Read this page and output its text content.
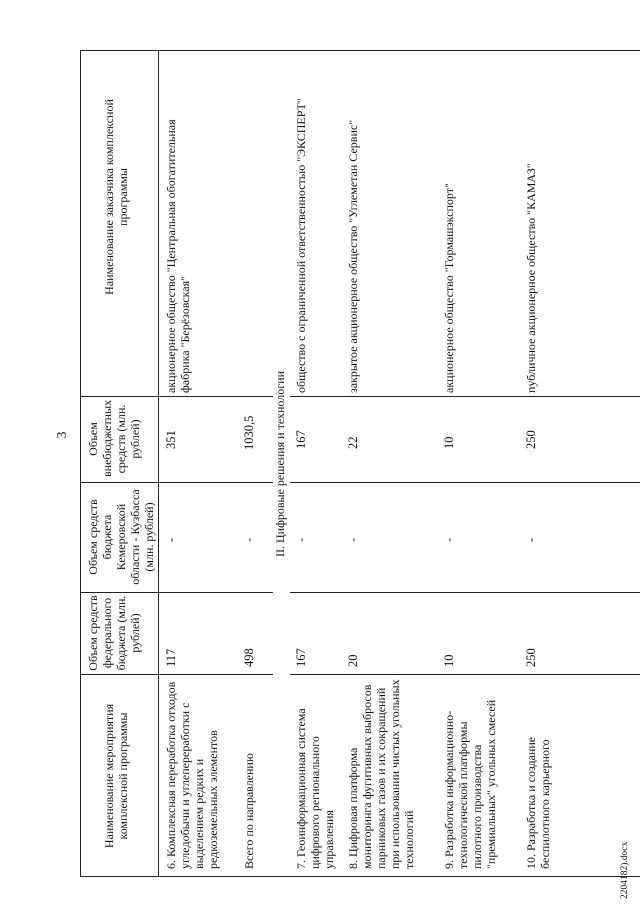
3
2204182).docx
Наименование мероприятия комплексной программы
Объем средств федерального бюджета (млн. рублей)
Объем средств бюджета Кемеровской области - Кузбасса (млн. рублей)
Объем внебюджетных средств (млн. рублей)
Наименование заказчика комплексной программы
6. Комплексная переработка отходов угледобычи и углепереработки с выделением редких и редкоземельных элементов
117
-
351
акционерное общество "Центральная обогатительная фабрика "Берёзовская"
Всего по направлению
498
-
1030,5 II. Цифровые решения и технологии
7. Геоинформационная система цифрового регионального управления
167
-
167
общество с ограниченной ответственностью "ЭКСПЕРТ"
8. Цифровая платформа мониторинга фугитивных выбросов парниковых газов и их сокращений при использовании чистых угольных технологий
20
-
22
закрытое акционерное общество "Углеметан Сервис"
9. Разработка информационно-технологической платформы пилотного производства "премиальных" угольных смесей
10
-
10
акционерное общество "Гормашэкспорт"
10. Разработка и создание беспилотного карьерного
250
-
250
публичное акционерное общество "КАМАЗ"
